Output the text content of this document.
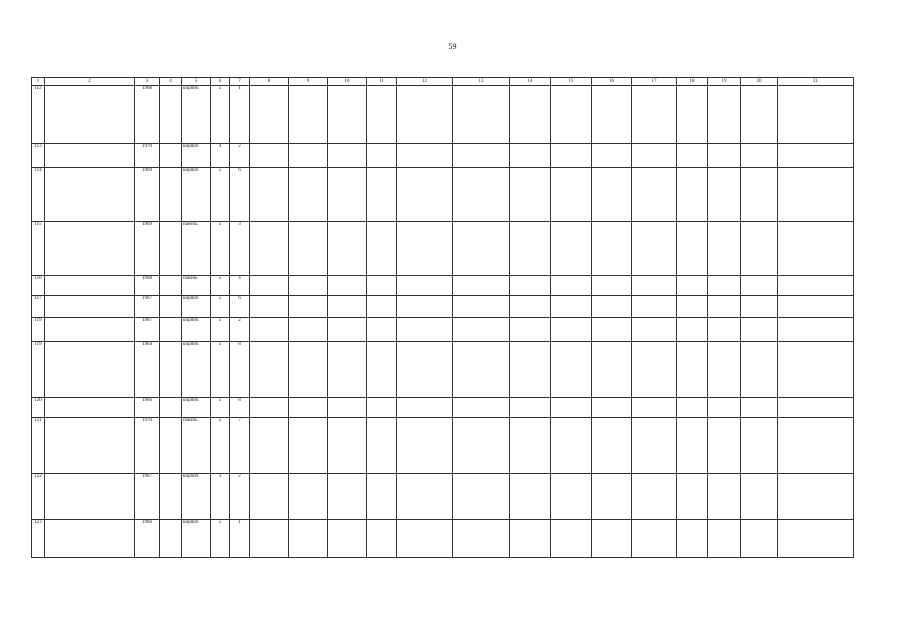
59
1	2	3	4	5	6	7	8	9	10	11	12	13	14	15	16	17	18	19	20	21
112		1968		кирпич	5	1														
113		1970		кирпич	4	2														
114		1969		кирпич	5	6														
115		1969		панель	5	3														
116		1968		панель	5	4														
117		1967		кирпич	5	6														
119		1967		кирпич	5	2														
119		1964		кирпич	5	8														
120		1966		кирпич	5	8														
121		1970		панель	5	7														
122		1967		кирпич	3	2														
123		1966		кирпич	5	1														
